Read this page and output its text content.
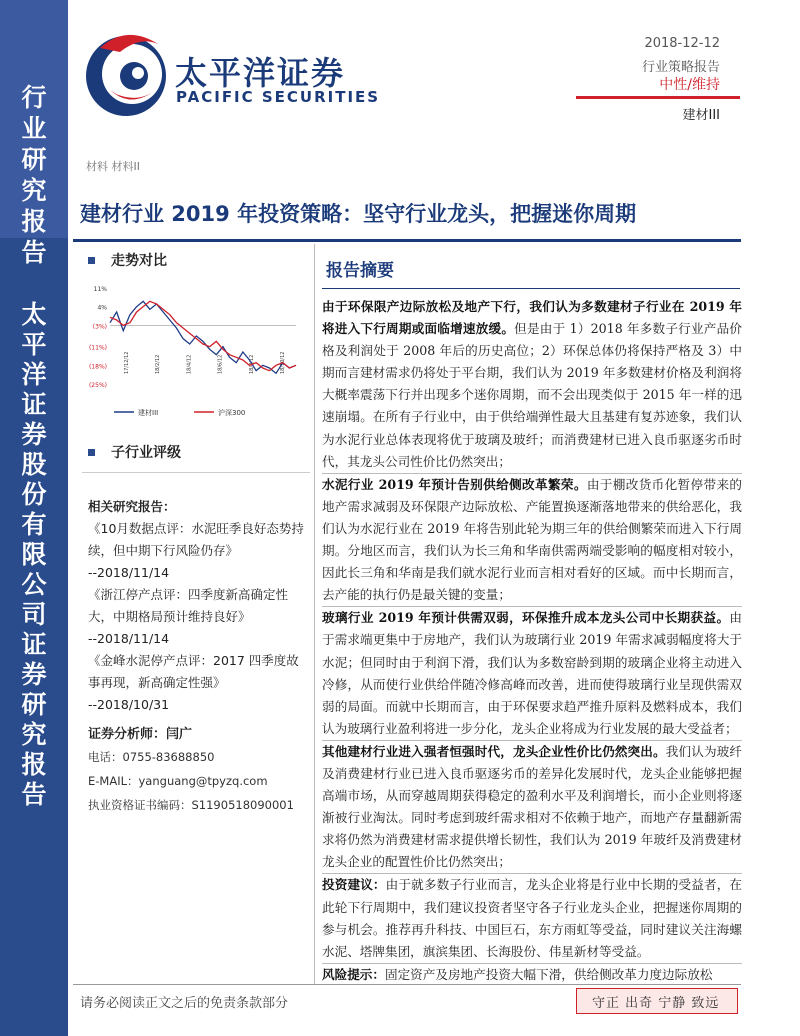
行
业
研
究
报
告
太
平
洋
证
券
股
份
有
限
公
司
证
券
研
究
报
告
太平洋证券
PACIFIC SECURITIES
2018-12-12
行业策略报告
中性/维持
建材III
材料 材料II
建材行业 2019 年投资策略：坚守行业龙头，把握迷你周期
走势对比
11%
4%
(3%)
(11%)
(18%)
(25%)
17/12/12	18/2/12	18/4/12	18/6/12	18/8/12	18/10/12
建材III	沪深300
子行业评级
相关研究报告：
《10月数据点评：水泥旺季良好态势持续，但中期下行风险仍存》
--2018/11/14
《浙江停产点评：四季度新高确定性大，中期格局预计维持良好》
--2018/11/14
《金峰水泥停产点评：2017 四季度故事再现，新高确定性强》
--2018/10/31
证券分析师：闫广
电话：0755-83688850
E-MAIL：yanguang@tpyzq.com
执业资格证书编码：S1190518090001
报告摘要

由于环保限产边际放松及地产下行，我们认为多数建材子行业在 2019 年将进入下行周期或面临增速放缓。但是由于 1）2018 年多数子行业产品价格及利润处于 2008 年后的历史高位；2）环保总体仍将保持严格及 3）中期而言建材需求仍将处于平台期，我们认为 2019 年多数建材价格及利润将大概率震荡下行并出现多个迷你周期，而不会出现类似于 2015 年一样的迅速崩塌。在所有子行业中，由于供给端弹性最大且基建有复苏迹象，我们认为水泥行业总体表现将优于玻璃及玻纤；而消费建材已进入良币驱逐劣币时代，其龙头公司性价比仍然突出；

水泥行业 2019 年预计告别供给侧改革繁荣。由于棚改货币化暂停带来的地产需求减弱及环保限产边际放松、产能置换逐渐落地带来的供给恶化，我们认为水泥行业在 2019 年将告别此轮为期三年的供给侧繁荣而进入下行周期。分地区而言，我们认为长三角和华南供需两端受影响的幅度相对较小，因此长三角和华南是我们就水泥行业而言相对看好的区域。而中长期而言，去产能的执行仍是最关键的变量；

玻璃行业 2019 年预计供需双弱，环保推升成本龙头公司中长期获益。由于需求端更集中于房地产，我们认为玻璃行业 2019 年需求减弱幅度将大于水泥；但同时由于利润下滑，我们认为多数窑龄到期的玻璃企业将主动进入冷修，从而使行业供给伴随冷修高峰而改善，进而使得玻璃行业呈现供需双弱的局面。而就中长期而言，由于环保要求趋严推升原料及燃料成本，我们认为玻璃行业盈利将进一步分化，龙头企业将成为行业发展的最大受益者；

其他建材行业进入强者恒强时代，龙头企业性价比仍然突出。我们认为玻纤及消费建材行业已进入良币驱逐劣币的差异化发展时代，龙头企业能够把握高端市场，从而穿越周期获得稳定的盈利水平及利润增长，而小企业则将逐渐被行业淘汰。同时考虑到玻纤需求相对不依赖于地产，而地产存量翻新需求将仍然为消费建材需求提供增长韧性，我们认为 2019 年玻纤及消费建材龙头企业的配置性价比仍然突出；

投资建议：由于就多数子行业而言，龙头企业将是行业中长期的受益者，在此轮下行周期中，我们建议投资者坚守各子行业龙头企业，把握迷你周期的参与机会。推荐再升科技、中国巨石，东方雨虹等受益，同时建议关注海螺水泥、塔牌集团，旗滨集团、长海股份、伟星新材等受益。

风险提示：固定资产及房地产投资大幅下滑，供给侧改革力度边际放松

请务必阅读正文之后的免责条款部分	守正 出奇 宁静 致远
